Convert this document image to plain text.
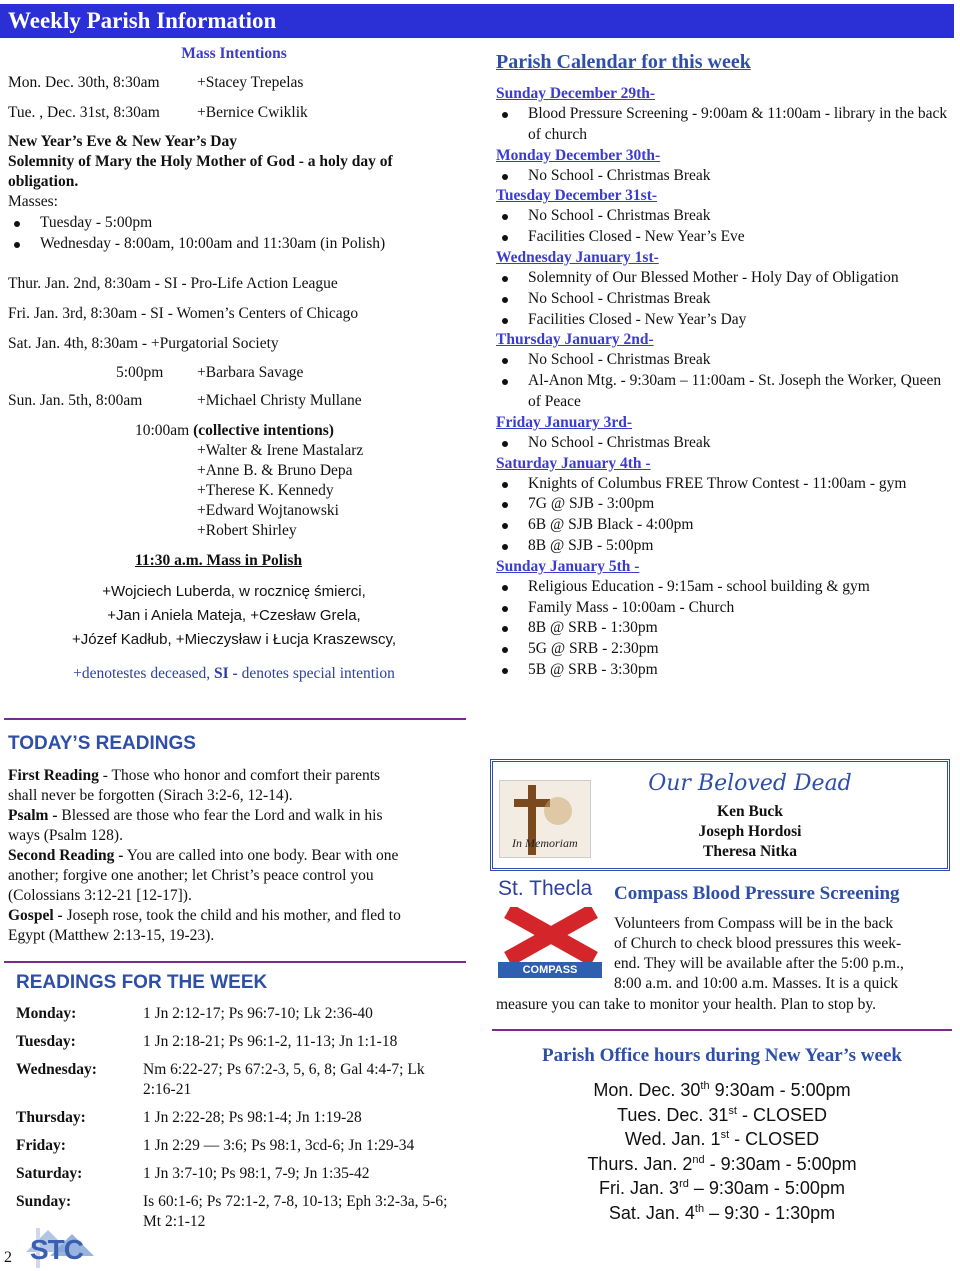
Weekly Parish Information
Mass Intentions
Mon. Dec. 30th, 8:30am +Stacey Trepelas
Tue. , Dec. 31st, 8:30am +Bernice Cwiklik
New Year’s Eve & New Year’s Day
Solemnity of Mary the Holy Mother of God - a holy day of obligation.
Masses:
Tuesday - 5:00pm
Wednesday - 8:00am, 10:00am and 11:30am (in Polish)
Thur. Jan. 2nd, 8:30am - SI - Pro-Life Action League
Fri. Jan. 3rd, 8:30am - SI - Women’s Centers of Chicago
Sat. Jan. 4th, 8:30am - +Purgatorial Society
5:00pm +Barbara Savage
Sun. Jan. 5th, 8:00am	+Michael Christy Mullane
10:00am (collective intentions)
+Walter & Irene Mastalarz
+Anne B. & Bruno Depa
+Therese K. Kennedy
+Edward Wojtanowski
+Robert Shirley
11:30 a.m. Mass in Polish
+Wojciech Luberda, w rocznicę śmierci,
+Jan i Aniela Mateja, +Czesław Grela,
+Józef Kadłub, +Mieczysław i Łucja Kraszewscy,
+denotestes deceased, SI - denotes special intention
TODAY’S READINGS
First Reading - Those who honor and comfort their parents shall never be forgotten (Sirach 3:2-6, 12-14).
Psalm - Blessed are those who fear the Lord and walk in his ways (Psalm 128).
Second Reading - You are called into one body. Bear with one another; forgive one another; let Christ’s peace control you (Colossians 3:12-21 [12-17]).
Gospel - Joseph rose, took the child and his mother, and fled to Egypt (Matthew 2:13-15, 19-23).
READINGS FOR THE WEEK
Monday:	1 Jn 2:12-17; Ps 96:7-10; Lk 2:36-40
Tuesday:	1 Jn 2:18-21; Ps 96:1-2, 11-13; Jn 1:1-18
Wednesday:	Nm 6:22-27; Ps 67:2-3, 5, 6, 8; Gal 4:4-7; Lk 2:16-21
Thursday:	1 Jn 2:22-28; Ps 98:1-4; Jn 1:19-28
Friday:	1 Jn 2:29 — 3:6; Ps 98:1, 3cd-6; Jn 1:29-34
Saturday:	1 Jn 3:7-10; Ps 98:1, 7-9; Jn 1:35-42
Sunday:	Is 60:1-6; Ps 72:1-2, 7-8, 10-13; Eph 3:2-3a, 5-6; Mt 2:1-12
2 STC
Parish Calendar for this week
Sunday December 29th-
Blood Pressure Screening - 9:00am & 11:00am - library in the back of church
Monday December 30th-
No School - Christmas Break
Tuesday December 31st-
No School - Christmas Break
Facilities Closed - New Year’s Eve
Wednesday January 1st-
Solemnity of Our Blessed Mother - Holy Day of Obligation
No School - Christmas Break
Facilities Closed - New Year’s Day
Thursday January 2nd-
No School - Christmas Break
Al-Anon Mtg. - 9:30am – 11:00am - St. Joseph the Worker, Queen of Peace
Friday January 3rd-
No School - Christmas Break
Saturday January 4th -
Knights of Columbus FREE Throw Contest - 11:00am - gym
7G @ SJB - 3:00pm
6B @ SJB Black - 4:00pm
8B @ SJB - 5:00pm
Sunday January 5th -
Religious Education - 9:15am - school building & gym
Family Mass - 10:00am - Church
8B @ SRB - 1:30pm
5G @ SRB - 2:30pm
5B @ SRB - 3:30pm
In Memoriam
Our Beloved Dead
Ken Buck
Joseph Hordosi
Theresa Nitka
St. Thecla
COMPASS
Compass Blood Pressure Screening
Volunteers from Compass will be in the back
of Church to check blood pressures this week-
end. They will be available after the 5:00 p.m.,
8:00 a.m. and 10:00 a.m. Masses. It is a quick
measure you can take to monitor your health. Plan to stop by.
Parish Office hours during New Year’s week

Mon. Dec. 30th 9:30am - 5:00pm

Tues. Dec. 31st - CLOSED

Wed. Jan. 1st - CLOSED

Thurs. Jan. 2nd - 9:30am - 5:00pm

Fri. Jan. 3rd – 9:30am - 5:00pm

Sat. Jan. 4th – 9:30 - 1:30pm
